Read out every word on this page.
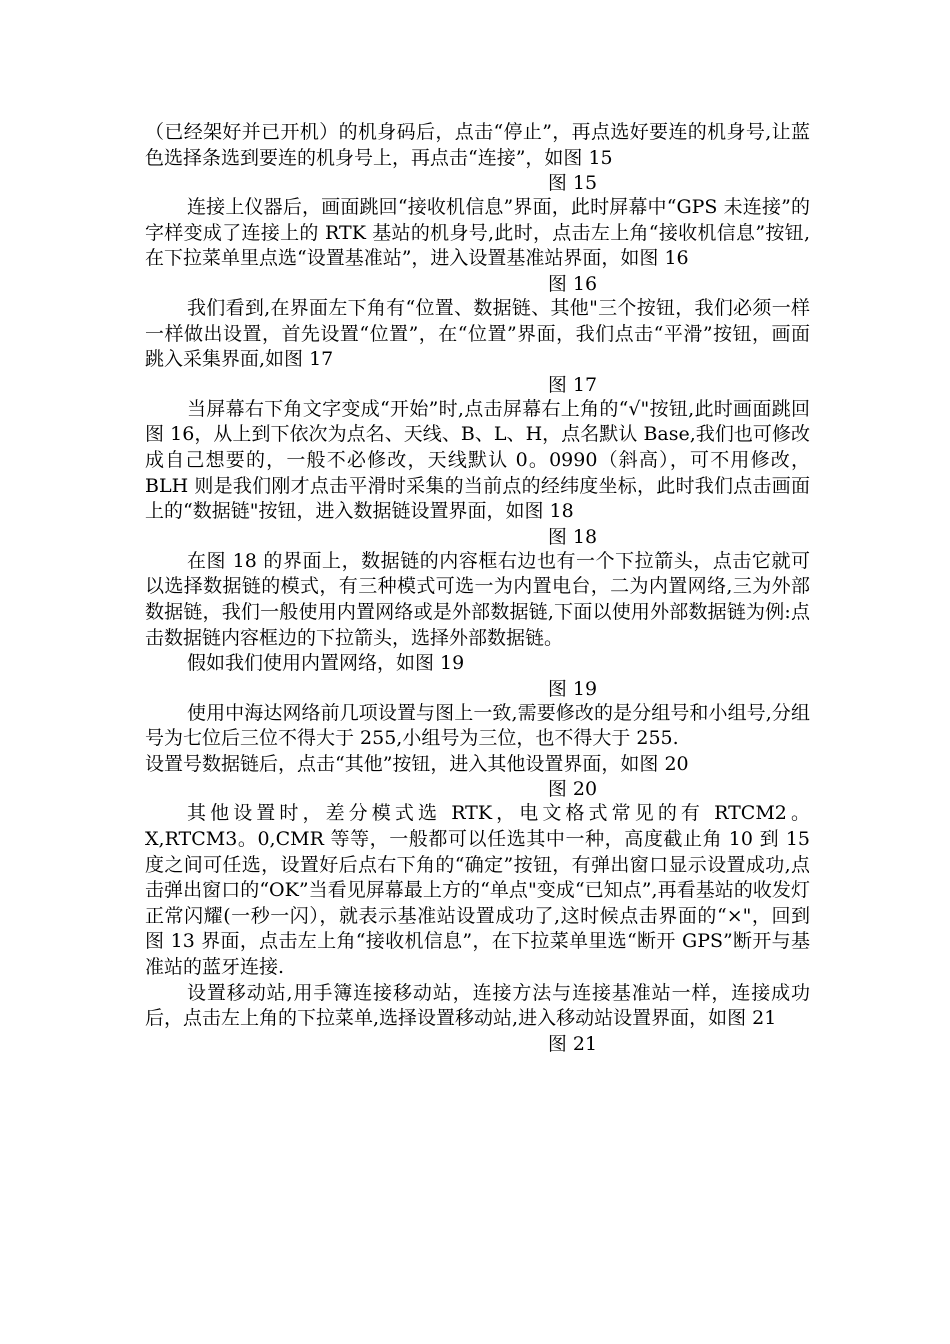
（已经架好并已开机）的机身码后，点击“停止”，再点选好要连的机身号,让蓝色选择条选到要连的机身号上，再点击“连接”，如图 15

图 15

连接上仪器后，画面跳回“接收机信息”界面，此时屏幕中“GPS 未连接”的字样变成了连接上的 RTK 基站的机身号,此时，点击左上角“接收机信息”按钮,在下拉菜单里点选“设置基准站”，进入设置基准站界面，如图 16

图 16

我们看到,在界面左下角有“位置、数据链、其他"三个按钮，我们必须一样一样做出设置，首先设置“位置”，在“位置”界面，我们点击“平滑”按钮，画面跳入采集界面,如图 17

图 17

当屏幕右下角文字变成“开始”时,点击屏幕右上角的“√"按钮,此时画面跳回图 16，从上到下依次为点名、天线、B、L、H，点名默认 Base,我们也可修改成自己想要的，一般不必修改，天线默认 0。0990（斜高），可不用修改，BLH 则是我们刚才点击平滑时采集的当前点的经纬度坐标，此时我们点击画面上的“数据链"按钮，进入数据链设置界面，如图 18

图 18

在图 18 的界面上，数据链的内容框右边也有一个下拉箭头，点击它就可以选择数据链的模式，有三种模式可选一为内置电台，二为内置网络,三为外部数据链，我们一般使用内置网络或是外部数据链,下面以使用外部数据链为例:点击数据链内容框边的下拉箭头，选择外部数据链。

假如我们使用内置网络，如图 19

图 19

使用中海达网络前几项设置与图上一致,需要修改的是分组号和小组号,分组号为七位后三位不得大于 255,小组号为三位，也不得大于 255.

设置号数据链后，点击“其他”按钮，进入其他设置界面，如图 20

图 20

其他设置时，差分模式选 RTK，电文格式常见的有 RTCM2。X,RTCM3。0,CMR 等等，一般都可以任选其中一种，高度截止角 10 到 15 度之间可任选，设置好后点右下角的“确定”按钮，有弹出窗口显示设置成功,点击弹出窗口的“OK”当看见屏幕最上方的“单点"变成“已知点”,再看基站的收发灯正常闪耀(一秒一闪），就表示基准站设置成功了,这时候点击界面的“×"，回到图 13 界面，点击左上角“接收机信息”，在下拉菜单里选“断开 GPS”断开与基准站的蓝牙连接.

设置移动站,用手簿连接移动站，连接方法与连接基准站一样，连接成功后，点击左上角的下拉菜单,选择设置移动站,进入移动站设置界面，如图 21

图 21
